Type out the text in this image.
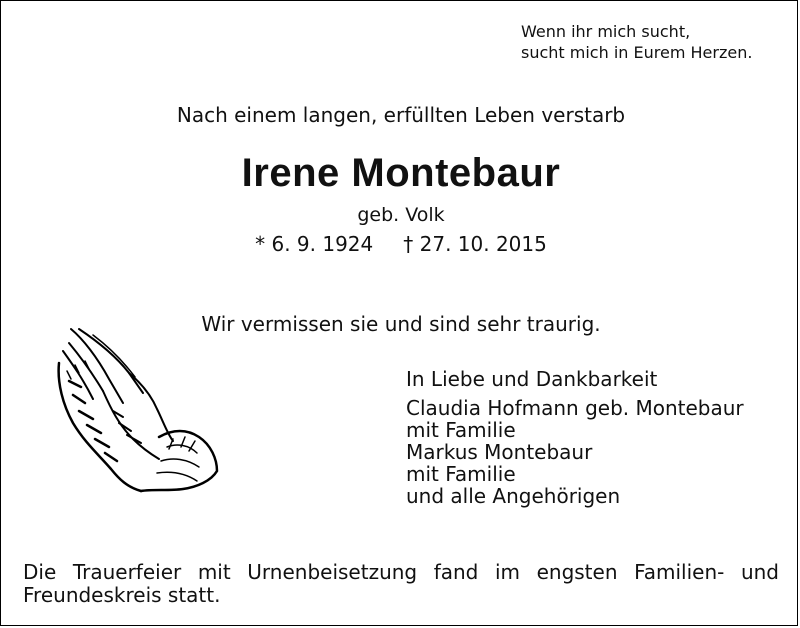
Wenn ihr mich sucht,
sucht mich in Eurem Herzen.
Nach einem langen, erfüllten Leben verstarb
Irene Montebaur
geb. Volk
* 6. 9. 1924 † 27. 10. 2015
Wir vermissen sie und sind sehr traurig.
In Liebe und Dankbarkeit
Claudia Hofmann geb. Montebaur
mit Familie
Markus Montebaur
mit Familie
und alle Angehörigen
Die Trauerfeier mit Urnenbeisetzung fand im engsten Familien- und Freundeskreis statt.
